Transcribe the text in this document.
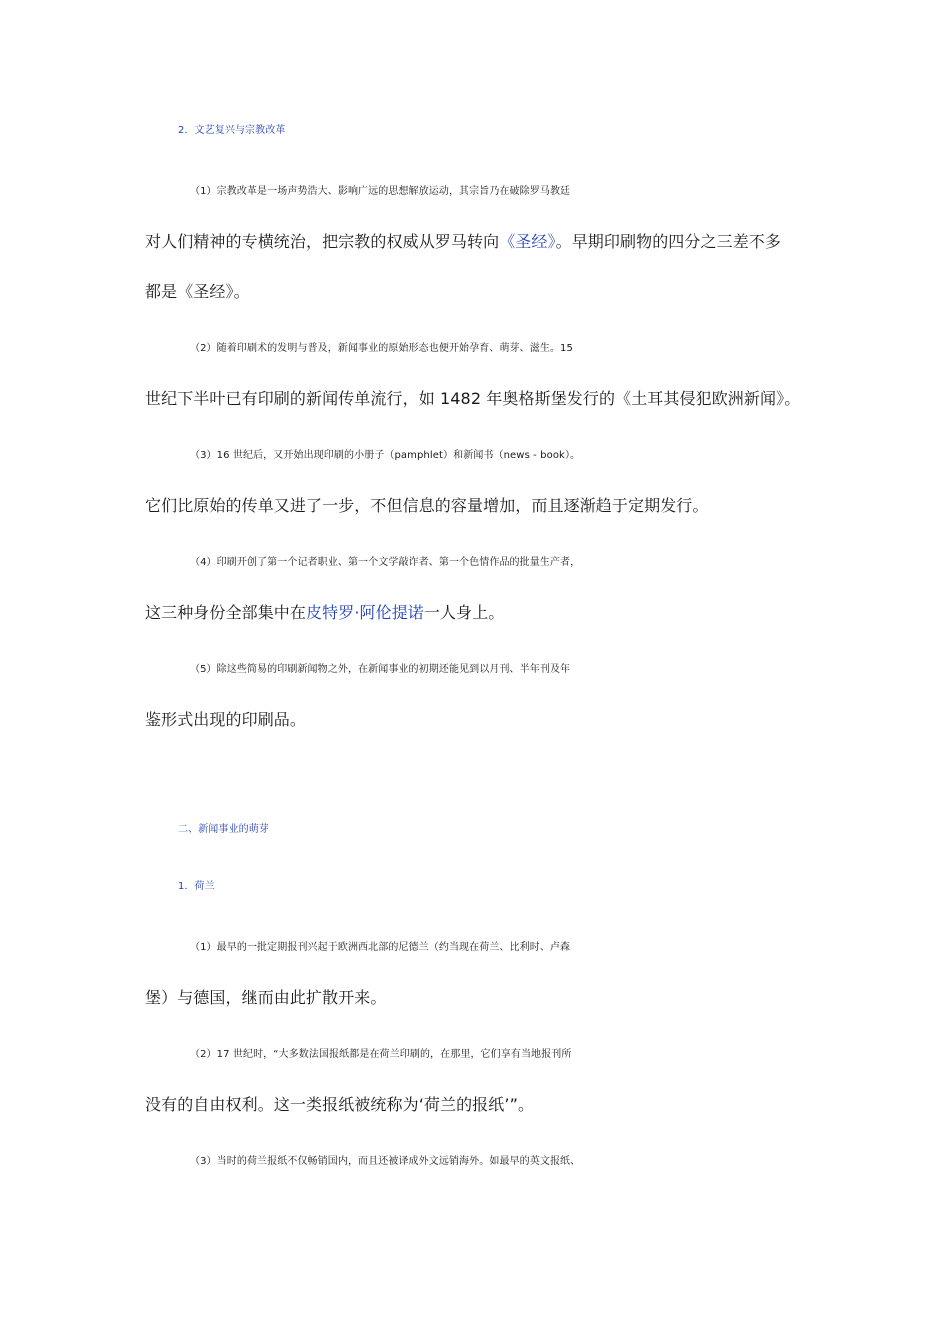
2．文艺复兴与宗教改革
（1）宗教改革是一场声势浩大、影响广远的思想解放运动，其宗旨乃在破除罗马教廷
对人们精神的专横统治，把宗教的权威从罗马转向《圣经》。早期印刷物的四分之三差不多
都是《圣经》。
（2）随着印刷术的发明与普及，新闻事业的原始形态也便开始孕育、萌芽、滋生。15
世纪下半叶已有印刷的新闻传单流行，如 1482 年奥格斯堡发行的《土耳其侵犯欧洲新闻》。
（3）16 世纪后，又开始出现印刷的小册子（pamphlet）和新闻书（news - book）。
它们比原始的传单又进了一步，不但信息的容量增加，而且逐渐趋于定期发行。
（4）印刷开创了第一个记者职业、第一个文学敲诈者、第一个色情作品的批量生产者，
这三种身份全部集中在皮特罗·阿伦提诺一人身上。
（5）除这些简易的印刷新闻物之外，在新闻事业的初期还能见到以月刊、半年刊及年
鉴形式出现的印刷品。
二、新闻事业的萌芽
1．荷兰
（1）最早的一批定期报刊兴起于欧洲西北部的尼德兰（约当现在荷兰、比利时、卢森
堡）与德国，继而由此扩散开来。
（2）17 世纪时，“大多数法国报纸都是在荷兰印刷的，在那里，它们享有当地报刊所
没有的自由权利。这一类报纸被统称为‘荷兰的报纸’”。
（3）当时的荷兰报纸不仅畅销国内，而且还被译成外文远销海外。如最早的英文报纸、
